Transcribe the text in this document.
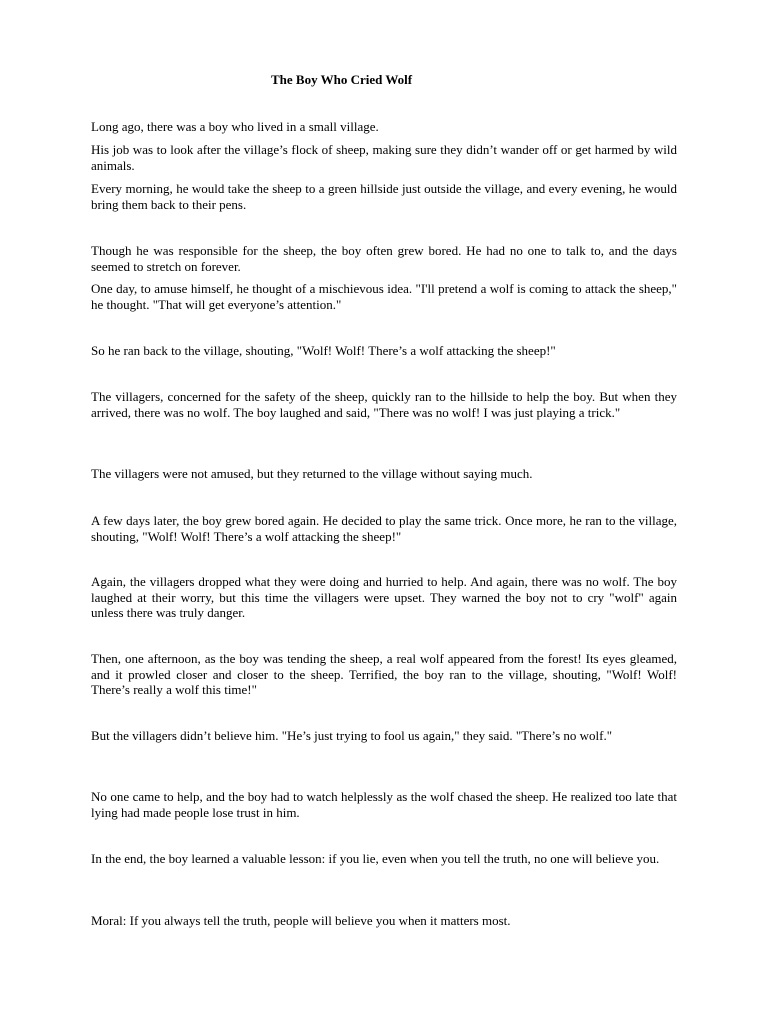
The Boy Who Cried Wolf

Long ago, there was a boy who lived in a small village.

His job was to look after the village’s flock of sheep, making sure they didn’t wander off or get harmed by wild animals.

Every morning, he would take the sheep to a green hillside just outside the village, and every evening, he would bring them back to their pens.

Though he was responsible for the sheep, the boy often grew bored. He had no one to talk to, and the days seemed to stretch on forever.

One day, to amuse himself, he thought of a mischievous idea. "I'll pretend a wolf is coming to attack the sheep," he thought. "That will get everyone’s attention."

So he ran back to the village, shouting, "Wolf! Wolf! There’s a wolf attacking the sheep!"

The villagers, concerned for the safety of the sheep, quickly ran to the hillside to help the boy. But when they arrived, there was no wolf. The boy laughed and said, "There was no wolf! I was just playing a trick."

The villagers were not amused, but they returned to the village without saying much.

A few days later, the boy grew bored again. He decided to play the same trick. Once more, he ran to the village, shouting, "Wolf! Wolf! There’s a wolf attacking the sheep!"

Again, the villagers dropped what they were doing and hurried to help. And again, there was no wolf. The boy laughed at their worry, but this time the villagers were upset. They warned the boy not to cry "wolf" again unless there was truly danger.

Then, one afternoon, as the boy was tending the sheep, a real wolf appeared from the forest! Its eyes gleamed, and it prowled closer and closer to the sheep. Terrified, the boy ran to the village, shouting, "Wolf! Wolf! There’s really a wolf this time!"

But the villagers didn’t believe him. "He’s just trying to fool us again," they said. "There’s no wolf."

No one came to help, and the boy had to watch helplessly as the wolf chased the sheep. He realized too late that lying had made people lose trust in him.

In the end, the boy learned a valuable lesson: if you lie, even when you tell the truth, no one will believe you.

Moral: If you always tell the truth, people will believe you when it matters most.
